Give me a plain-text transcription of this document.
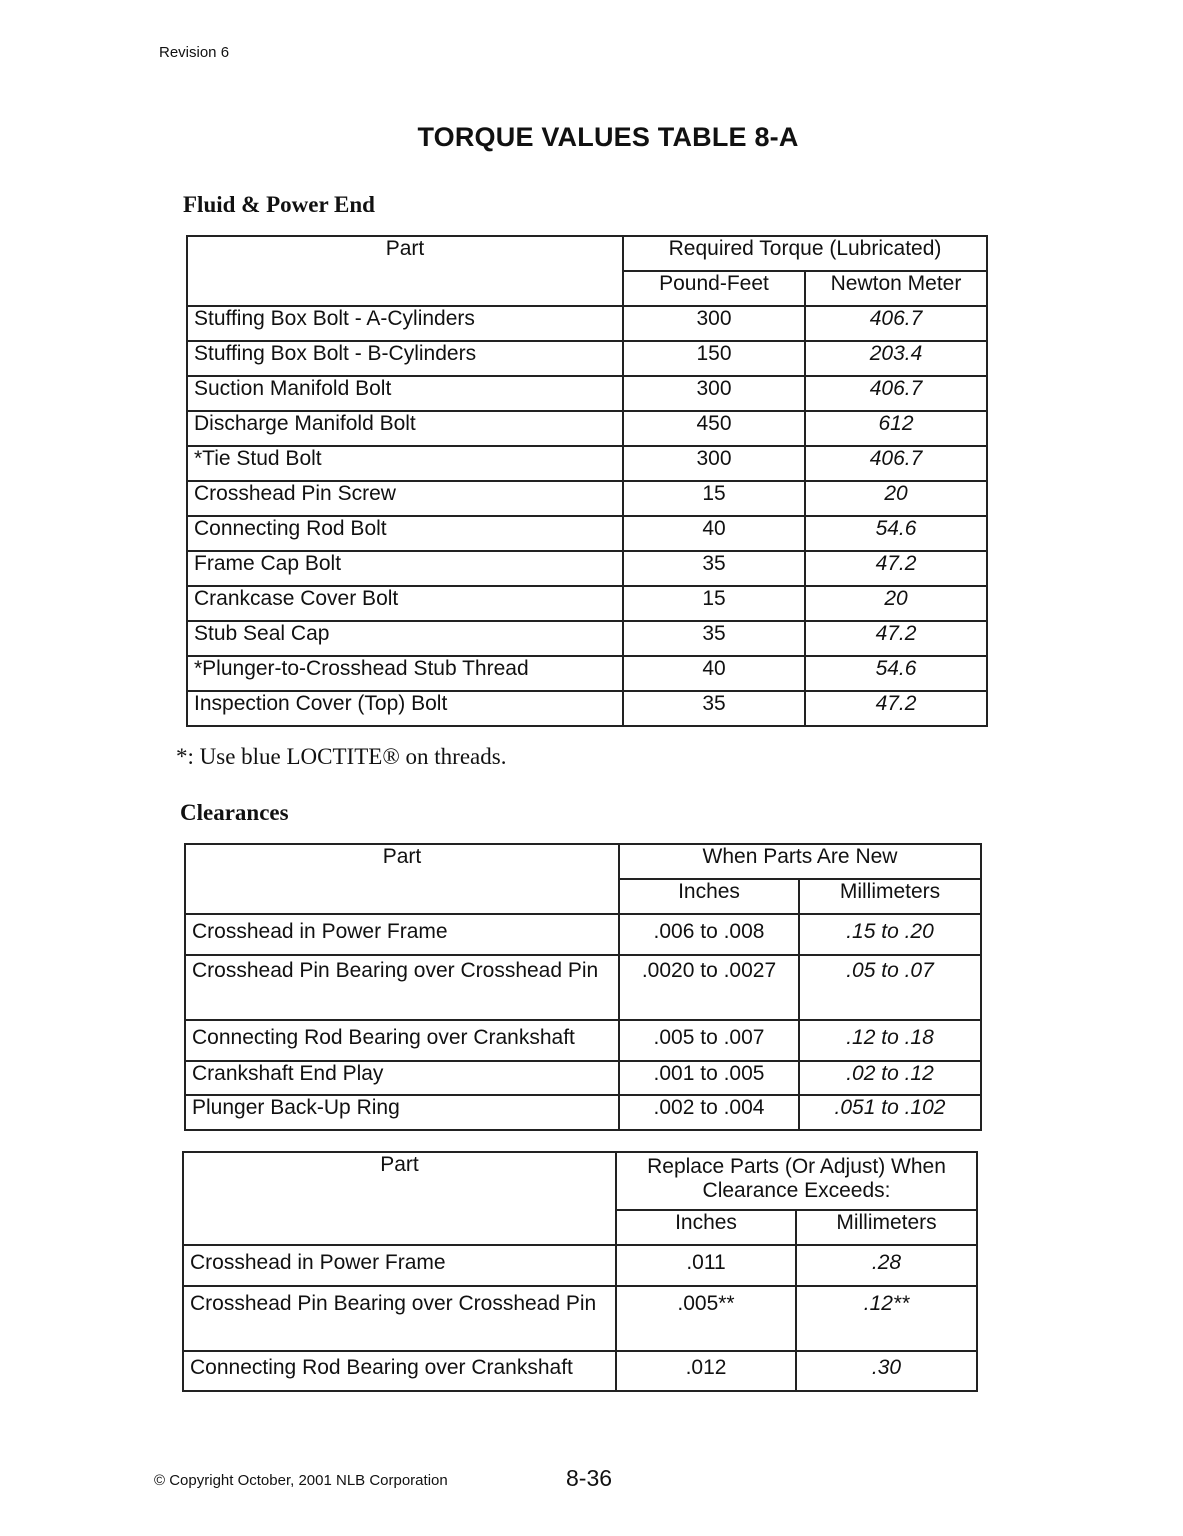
Revision 6
TORQUE VALUES TABLE 8-A
Fluid & Power End
Part	Required Torque (Lubricated)	
	Pound-Feet	Newton Meter
Stuffing Box Bolt - A-Cylinders	300	406.7
Stuffing Box Bolt - B-Cylinders	150	203.4
Suction Manifold Bolt	300	406.7
Discharge Manifold Bolt	450	612
*Tie Stud Bolt	300	406.7
Crosshead Pin Screw	15	20
Connecting Rod Bolt	40	54.6
Frame Cap Bolt	35	47.2
Crankcase Cover Bolt	15	20
Stub Seal Cap	35	47.2
*Plunger-to-Crosshead Stub Thread	40	54.6
Inspection Cover (Top) Bolt	35	47.2
*: Use blue LOCTITE® on threads.
Clearances
Part	When Parts Are New	
	Inches	Millimeters
Crosshead in Power Frame	.006 to .008	.15 to .20
Crosshead Pin Bearing over Crosshead Pin	.0020 to .0027	.05 to .07
Connecting Rod Bearing over Crankshaft	.005 to .007	.12 to .18
Crankshaft End Play	.001 to .005	.02 to .12
Plunger Back-Up Ring	.002 to .004	.051 to .102
Part	Replace Parts (Or Adjust) When Clearance Exceeds:	
	Inches	Millimeters
Crosshead in Power Frame	.011	.28
Crosshead Pin Bearing over Crosshead Pin	.005**	.12**
Connecting Rod Bearing over Crankshaft	.012	.30
© Copyright October, 2001 NLB Corporation	8-36
